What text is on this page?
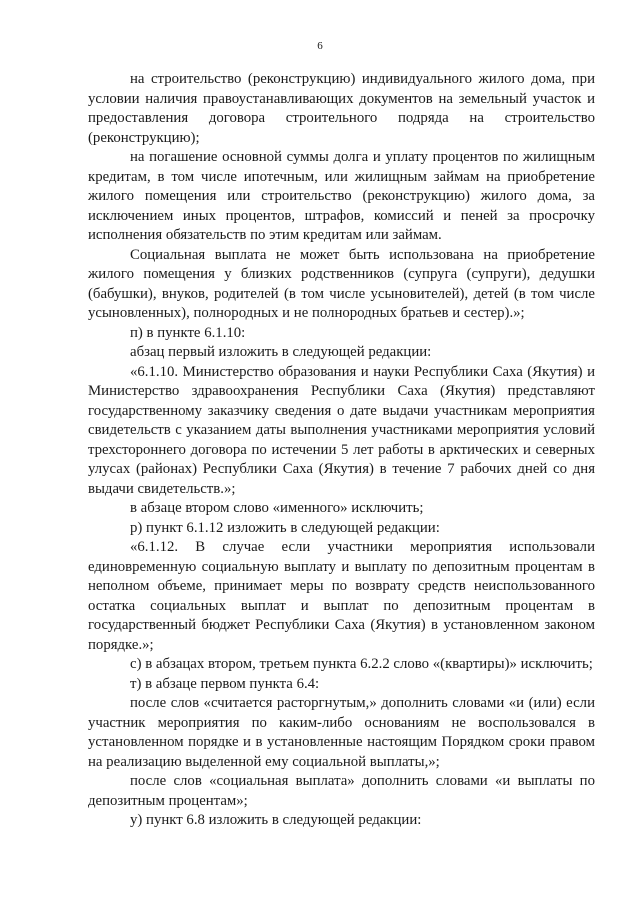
6

на строительство (реконструкцию) индивидуального жилого дома, при условии наличия правоустанавливающих документов на земельный участок и предоставления договора строительного подряда на строительство (реконструкцию);

на погашение основной суммы долга и уплату процентов по жилищным кредитам, в том числе ипотечным, или жилищным займам на приобретение жилого помещения или строительство (реконструкцию) жилого дома, за исключением иных процентов, штрафов, комиссий и пеней за просрочку исполнения обязательств по этим кредитам или займам.

Социальная выплата не может быть использована на приобретение жилого помещения у близких родственников (супруга (супруги), дедушки (бабушки), внуков, родителей (в том числе усыновителей), детей (в том числе усыновленных), полнородных и не полнородных братьев и сестер).»;

п) в пункте 6.1.10:

абзац первый изложить в следующей редакции:

«6.1.10. Министерство образования и науки Республики Саха (Якутия) и Министерство здравоохранения Республики Саха (Якутия) представляют государственному заказчику сведения о дате выдачи участникам мероприятия свидетельств с указанием даты выполнения участниками мероприятия условий трехстороннего договора по истечении 5 лет работы в арктических и северных улусах (районах) Республики Саха (Якутия) в течение 7 рабочих дней со дня выдачи свидетельств.»;

в абзаце втором слово «именного» исключить;

р) пункт 6.1.12 изложить в следующей редакции:

«6.1.12. В случае если участники мероприятия использовали единовременную социальную выплату и выплату по депозитным процентам в неполном объеме, принимает меры по возврату средств неиспользованного остатка социальных выплат и выплат по депозитным процентам в государственный бюджет Республики Саха (Якутия) в установленном законом порядке.»;

с) в абзацах втором, третьем пункта 6.2.2 слово «(квартиры)» исключить;

т) в абзаце первом пункта 6.4:

после слов «считается расторгнутым,» дополнить словами «и (или) если участник мероприятия по каким-либо основаниям не воспользовался в установленном порядке и в установленные настоящим Порядком сроки правом на реализацию выделенной ему социальной выплаты,»;

после слов «социальная выплата» дополнить словами «и выплаты по депозитным процентам»;

у) пункт 6.8 изложить в следующей редакции:
